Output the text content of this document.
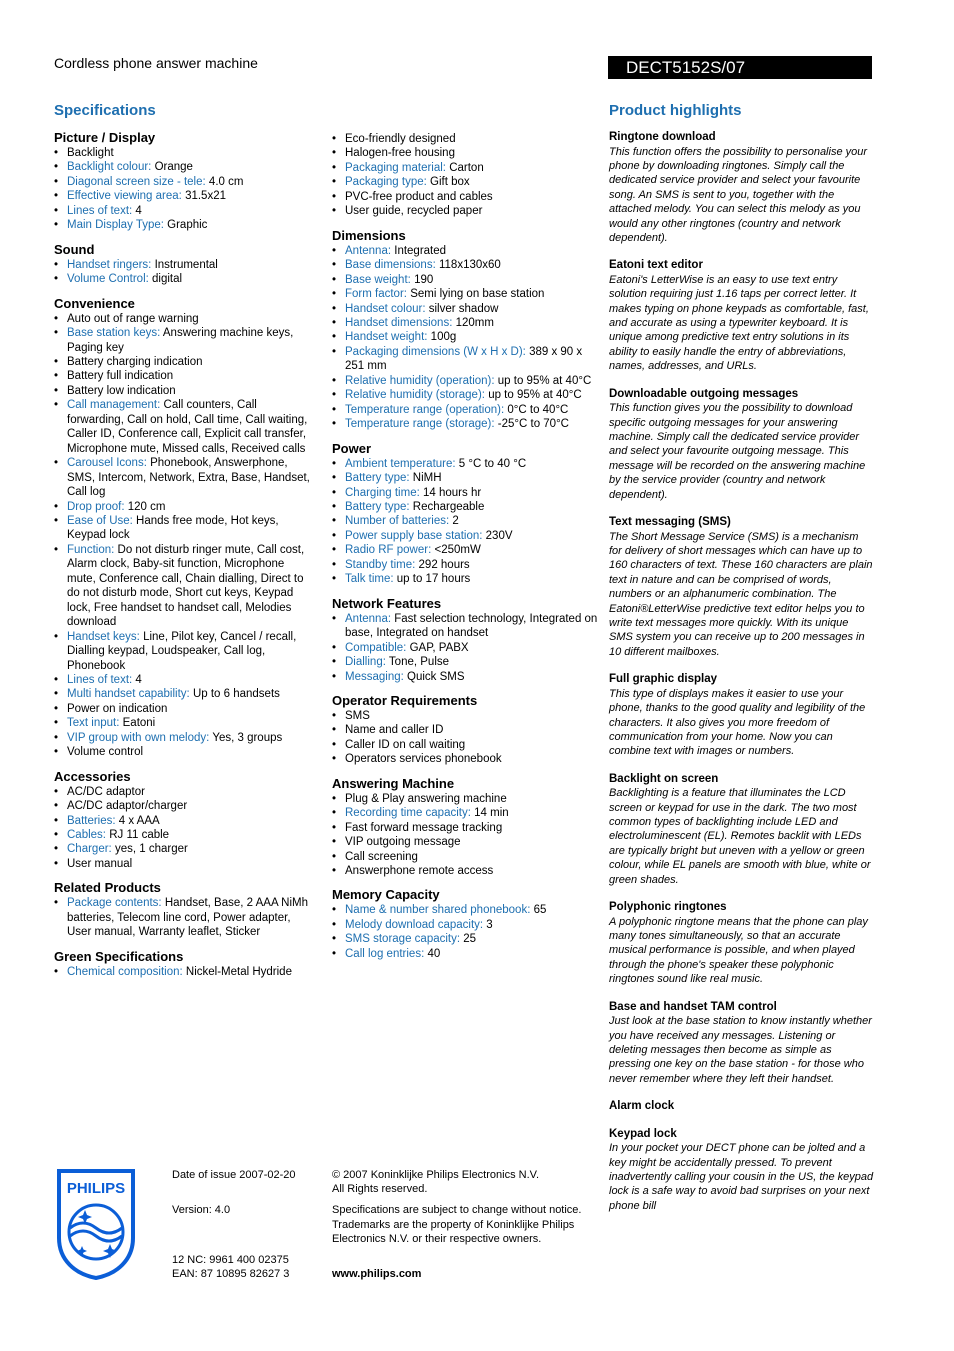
Cordless phone answer machine	DECT5152S/07
Specifications
Picture / Display
• Backlight
• Backlight colour: Orange
• Diagonal screen size - tele: 4.0 cm
• Effective viewing area: 31.5x21
• Lines of text: 4
• Main Display Type: Graphic
Sound
• Handset ringers: Instrumental
• Volume Control: digital
Convenience
• Auto out of range warning
• Base station keys: Answering machine keys, Paging key
• Battery charging indication
• Battery full indication
• Battery low indication
• Call management: Call counters, Call forwarding, Call on hold, Call time, Call waiting, Caller ID, Conference call, Explicit call transfer, Microphone mute, Missed calls, Received calls
• Carousel Icons: Phonebook, Answerphone, SMS, Intercom, Network, Extra, Base, Handset, Call log
• Drop proof: 120 cm
• Ease of Use: Hands free mode, Hot keys, Keypad lock
• Function: Do not disturb ringer mute, Call cost, Alarm clock, Baby-sit function, Microphone mute, Conference call, Chain dialling, Direct to do not disturb mode, Short cut keys, Keypad lock, Free handset to handset call, Melodies download
• Handset keys: Line, Pilot key, Cancel / recall, Dialling keypad, Loudspeaker, Call log, Phonebook
• Lines of text: 4
• Multi handset capability: Up to 6 handsets
• Power on indication
• Text input: Eatoni
• VIP group with own melody: Yes, 3 groups
• Volume control
Accessories
• AC/DC adaptor
• AC/DC adaptor/charger
• Batteries: 4 x AAA
• Cables: RJ 11 cable
• Charger: yes, 1 charger
• User manual
Related Products
• Package contents: Handset, Base, 2 AAA NiMh batteries, Telecom line cord, Power adapter, User manual, Warranty leaflet, Sticker
Green Specifications
• Chemical composition: Nickel-Metal Hydride
• Eco-friendly designed
• Halogen-free housing
• Packaging material: Carton
• Packaging type: Gift box
• PVC-free product and cables
• User guide, recycled paper
Dimensions
• Antenna: Integrated
• Base dimensions: 118x130x60
• Base weight: 190
• Form factor: Semi lying on base station
• Handset colour: silver shadow
• Handset dimensions: 120mm
• Handset weight: 100g
• Packaging dimensions (W x H x D): 389 x 90 x 251 mm
• Relative humidity (operation): up to 95% at 40°C
• Relative humidity (storage): up to 95% at 40°C
• Temperature range (operation): 0°C to 40°C
• Temperature range (storage): -25°C to 70°C
Power
• Ambient temperature: 5 °C to 40 °C
• Battery type: NiMH
• Charging time: 14 hours hr
• Battery type: Rechargeable
• Number of batteries: 2
• Power supply base station: 230V
• Radio RF power: <250mW
• Standby time: 292 hours
• Talk time: up to 17 hours
Network Features
• Antenna: Fast selection technology, Integrated on base, Integrated on handset
• Compatible: GAP, PABX
• Dialling: Tone, Pulse
• Messaging: Quick SMS
Operator Requirements
• SMS
• Name and caller ID
• Caller ID on call waiting
• Operators services phonebook
Answering Machine
• Plug & Play answering machine
• Recording time capacity: 14 min
• Fast forward message tracking
• VIP outgoing message
• Call screening
• Answerphone remote access
Memory Capacity
• Name & number shared phonebook: 65
• Melody download capacity: 3
• SMS storage capacity: 25
• Call log entries: 40
Product highlights
Ringtone download
This function offers the possibility to personalise your phone by downloading ringtones. Simply call the dedicated service provider and select your favourite song. An SMS is sent to you, together with the attached melody. You can select this melody as you would any other ringtones (country and network dependent).
Eatoni text editor
Eatoni's LetterWise is an easy to use text entry solution requiring just 1.16 taps per correct letter. It makes typing on phone keypads as comfortable, fast, and accurate as using a typewriter keyboard. It is unique among predictive text entry solutions in its ability to easily handle the entry of abbreviations, names, addresses, and URLs.
Downloadable outgoing messages
This function gives you the possibility to download specific outgoing messages for your answering machine. Simply call the dedicated service provider and select your favourite outgoing message. This message will be recorded on the answering machine by the service provider (country and network dependent).
Text messaging (SMS)
The Short Message Service (SMS) is a mechanism for delivery of short messages which can have up to 160 characters of text. These 160 characters are plain text in nature and can be comprised of words, numbers or an alphanumeric combination. The Eatoni®LetterWise predictive text editor helps you to write text messages more quickly. With its unique SMS system you can receive up to 200 messages in 10 different mailboxes.
Full graphic display
This type of displays makes it easier to use your phone, thanks to the good quality and legibility of the characters. It also gives you more freedom of communication from your home. Now you can combine text with images or numbers.
Backlight on screen
Backlighting is a feature that illuminates the LCD screen or keypad for use in the dark. The two most common types of backlighting include LED and electroluminescent (EL). Remotes backlit with LEDs are typically bright but uneven with a yellow or green colour, while EL panels are smooth with blue, white or green shades.
Polyphonic ringtones
A polyphonic ringtone means that the phone can play many tones simultaneously, so that an accurate musical performance is possible, and when played through the phone's speaker these polyphonic ringtones sound like real music.
Base and handset TAM control
Just look at the base station to know instantly whether you have received any messages. Listening or deleting messages then become as simple as pressing one key on the base station - for those who never remember where they left their handset.
Alarm clock
Keypad lock
In your pocket your DECT phone can be jolted and a key might be accidentally pressed. To prevent inadvertently calling your cousin in the US, the keypad lock is a safe way to avoid bad surprises on your next phone bill
PHILIPS
Date of issue 2007-02-20
Version: 4.0
12 NC: 9961 400 02375
EAN: 87 10895 82627 3
© 2007 Koninklijke Philips Electronics N.V.
All Rights reserved.
Specifications are subject to change without notice. Trademarks are the property of Koninklijke Philips Electronics N.V. or their respective owners.
www.philips.com
